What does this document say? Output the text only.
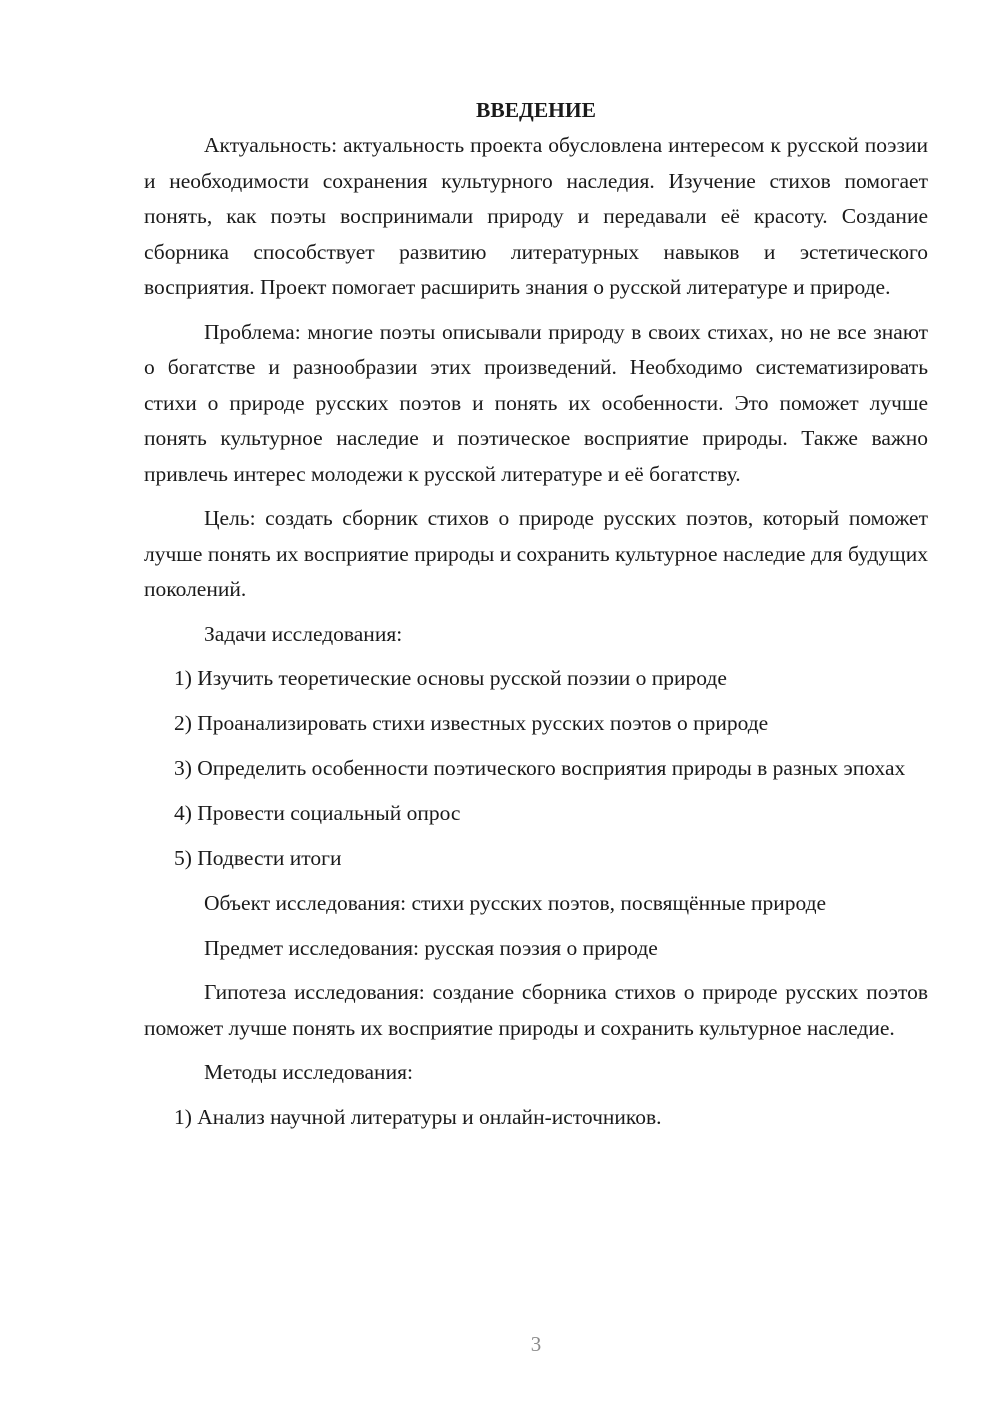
ВВЕДЕНИЕ

Актуальность: актуальность проекта обусловлена интересом к русской поэзии и необходимости сохранения культурного наследия. Изучение стихов помогает понять, как поэты воспринимали природу и передавали её красоту. Создание сборника способствует развитию литературных навыков и эстетического восприятия. Проект помогает расширить знания о русской литературе и природе.

Проблема: многие поэты описывали природу в своих стихах, но не все знают о богатстве и разнообразии этих произведений. Необходимо систематизировать стихи о природе русских поэтов и понять их особенности. Это поможет лучше понять культурное наследие и поэтическое восприятие природы. Также важно привлечь интерес молодежи к русской литературе и её богатству.

Цель: создать сборник стихов о природе русских поэтов, который поможет лучше понять их восприятие природы и сохранить культурное наследие для будущих поколений.

Задачи исследования:

1) Изучить теоретические основы русской поэзии о природе

2) Проанализировать стихи известных русских поэтов о природе

3) Определить особенности поэтического восприятия природы в разных эпохах

4) Провести социальный опрос

5) Подвести итоги

Объект исследования: стихи русских поэтов, посвящённые природе

Предмет исследования: русская поэзия о природе

Гипотеза исследования: создание сборника стихов о природе русских поэтов поможет лучше понять их восприятие природы и сохранить культурное наследие.

Методы исследования:

1) Анализ научной литературы и онлайн-источников.

3
